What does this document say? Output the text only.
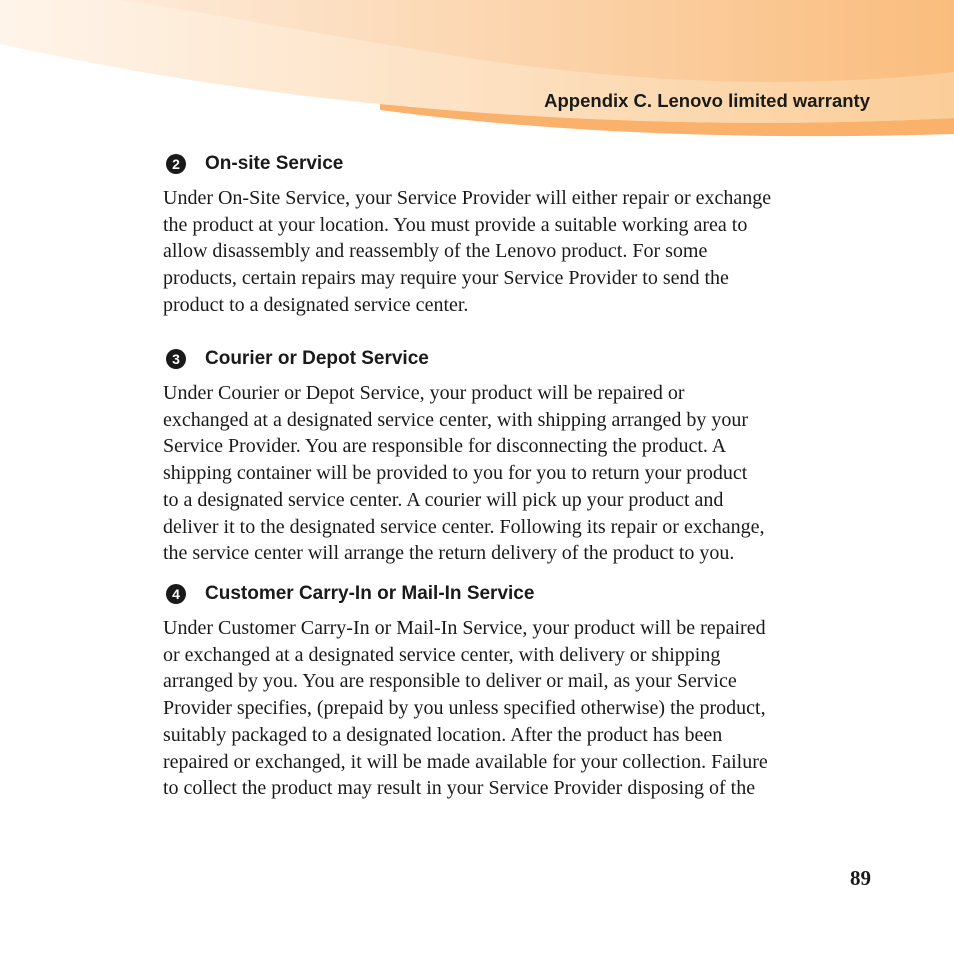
Appendix C. Lenovo limited warranty
2	On-site Service

Under On-Site Service, your Service Provider will either repair or exchange
the product at your location. You must provide a suitable working area to
allow disassembly and reassembly of the Lenovo product. For some
products, certain repairs may require your Service Provider to send the
product to a designated service center.

3	Courier or Depot Service

Under Courier or Depot Service, your product will be repaired or
exchanged at a designated service center, with shipping arranged by your
Service Provider. You are responsible for disconnecting the product. A
shipping container will be provided to you for you to return your product
to a designated service center. A courier will pick up your product and
deliver it to the designated service center. Following its repair or exchange,
the service center will arrange the return delivery of the product to you.

4	Customer Carry-In or Mail-In Service

Under Customer Carry-In or Mail-In Service, your product will be repaired
or exchanged at a designated service center, with delivery or shipping
arranged by you. You are responsible to deliver or mail, as your Service
Provider specifies, (prepaid by you unless specified otherwise) the product,
suitably packaged to a designated location. After the product has been
repaired or exchanged, it will be made available for your collection. Failure
to collect the product may result in your Service Provider disposing of the

89
